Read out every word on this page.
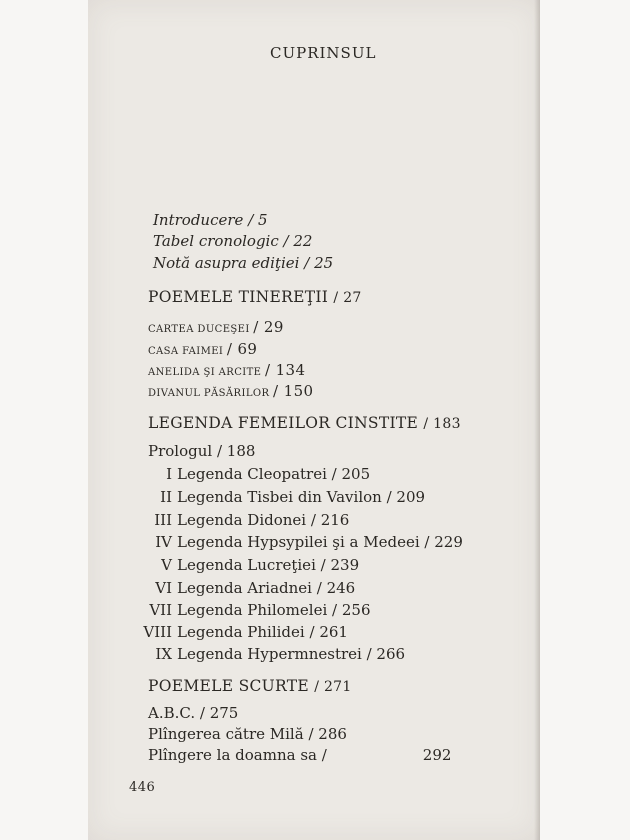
CUPRINSUL
Introducere / 5
Tabel cronologic / 22
Notă asupra ediţiei / 25
POEMELE TINEREŢII / 27
CARTEA DUCEŞEI / 29
CASA FAIMEI / 69
ANELIDA ŞI ARCITE / 134
DIVANUL PĂSĂRILOR / 150
LEGENDA FEMEILOR CINSTITE / 183
Prologul / 188
I Legenda Cleopatrei
/ 205
II Legenda Tisbei din Vavilon
/ 209
III Legenda Didonei
/ 216
IV Legenda Hypsypilei şi a Medeei
/ 229
V Legenda Lucreţiei
/ 239
VI Legenda Ariadnei
/ 246
VII Legenda Philomelei
/ 256
VIII Legenda Philidei
/ 261
IX Legenda Hypermnestrei
/ 266
POEMELE SCURTE / 271
A.B.C. / 275
Plîngerea către Milă / 286
Plîngere la doamna sa /	292
446
